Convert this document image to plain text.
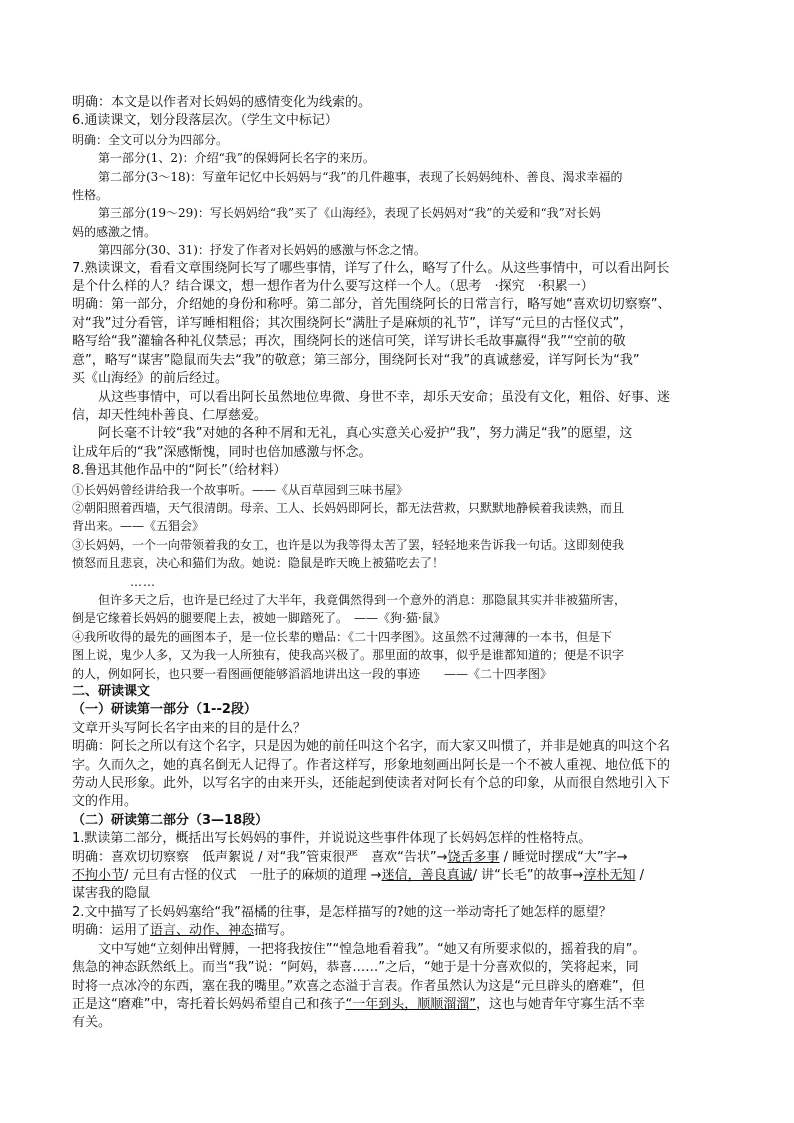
明确：本文是以作者对长妈妈的感情变化为线索的。

6.通读课文，划分段落层次。（学生文中标记）

明确：全文可以分为四部分。

第一部分(1、2)：介绍“我”的保姆阿长名字的来历。

第二部分(3～18)：写童年记忆中长妈妈与“我”的几件趣事，表现了长妈妈纯朴、善良、渴求幸福的

性格。

第三部分(19～29)：写长妈妈给“我”买了《山海经》，表现了长妈妈对“我”的关爱和“我”对长妈

妈的感激之情。

第四部分(30、31)：抒发了作者对长妈妈的感激与怀念之情。

7.熟读课文，看看文章围绕阿长写了哪些事情，详写了什么，略写了什么。从这些事情中，可以看出阿长

是个什么样的人？结合课文，想一想作者为什么要写这样一个人。（思考　·探究　·积累一）

明确：第一部分，介绍她的身份和称呼。第二部分，首先围绕阿长的日常言行，略写她“喜欢切切察察”、

对“我”过分看管，详写睡相粗俗；其次围绕阿长“满肚子是麻烦的礼节”，详写“元旦的古怪仪式”，

略写给“我”灌输各种礼仪禁忌；再次，围绕阿长的迷信可笑，详写讲长毛故事赢得“我”“空前的敬

意”，略写“谋害”隐鼠而失去“我”的敬意；第三部分，围绕阿长对“我”的真诚慈爱，详写阿长为“我”

买《山海经》的前后经过。

从这些事情中，可以看出阿长虽然地位卑微、身世不幸，却乐天安命；虽没有文化，粗俗、好事、迷

信，却天性纯朴善良、仁厚慈爱。

阿长毫不计较“我”对她的各种不屑和无礼，真心实意关心爱护“我”，努力满足“我”的愿望，这

让成年后的“我”深感惭愧，同时也倍加感激与怀念。

8.鲁迅其他作品中的“阿长”（给材料）

①长妈妈曾经讲给我一个故事听。——《从百草园到三味书屋》

②朝阳照着西墙，天气很清朗。母亲、工人、长妈妈即阿长，都无法营救，只默默地静候着我读熟，而且

背出来。——《五猖会》

③长妈妈，一个一向带领着我的女工，也许是以为我等得太苦了罢，轻轻地来告诉我一句话。这即刻使我

愤怒而且悲哀，决心和猫们为敌。她说：隐鼠是昨天晚上被猫吃去了！

……

但许多天之后，也许是已经过了大半年，我竟偶然得到一个意外的消息：那隐鼠其实并非被猫所害，

倒是它缘着长妈妈的腿要爬上去，被她一脚踏死了。　——《狗·猫·鼠》

④我所收得的最先的画图本子，是一位长辈的赠品：《二十四孝图》。这虽然不过薄薄的一本书，但是下

图上说，鬼少人多，又为我一人所独有，使我高兴极了。那里面的故事，似乎是谁都知道的；便是不识字

的人，例如阿长，也只要一看图画便能够滔滔地讲出这一段的事迹　　——《二十四孝图》

二、研读课文

（一）研读第一部分（1--2段）

文章开头写阿长名字由来的目的是什么？

明确：阿长之所以有这个名字，只是因为她的前任叫这个名字，而大家又叫惯了，并非是她真的叫这个名

字。久而久之，她的真名倒无人记得了。作者这样写，形象地刻画出阿长是一个不被人重视、地位低下的

劳动人民形象。此外，以写名字的由来开头，还能起到使读者对阿长有个总的印象，从而很自然地引入下

文的作用。

（二）研读第二部分（3—18段）

1.默读第二部分，概括出写长妈妈的事件，并说说这些事件体现了长妈妈怎样的性格特点。

明确：喜欢切切察察　低声絮说 / 对“我”管束很严　喜欢“告状”→饶舌多事 / 睡觉时摆成“大”字→

不拘小节/ 元旦有古怪的仪式　一肚子的麻烦的道理 →迷信，善良真诚/ 讲“长毛”的故事→淳朴无知 /

谋害我的隐鼠

2.文中描写了长妈妈塞给“我”福橘的往事，是怎样描写的?她的这一举动寄托了她怎样的愿望？

明确：运用了语言、动作、神态描写。

文中写她“立刻伸出臂膊，一把将我按住”“惶急地看着我”。“她又有所要求似的，摇着我的肩”。

焦急的神态跃然纸上。而当“我”说：“阿妈，恭喜……”之后，“她于是十分喜欢似的，笑将起来，同

时将一点冰冷的东西，塞在我的嘴里。”欢喜之态溢于言表。作者虽然认为这是“元旦辟头的磨难”，但

正是这“磨难”中，寄托着长妈妈希望自己和孩子“一年到头，顺顺溜溜”，这也与她青年守寡生活不幸

有关。
